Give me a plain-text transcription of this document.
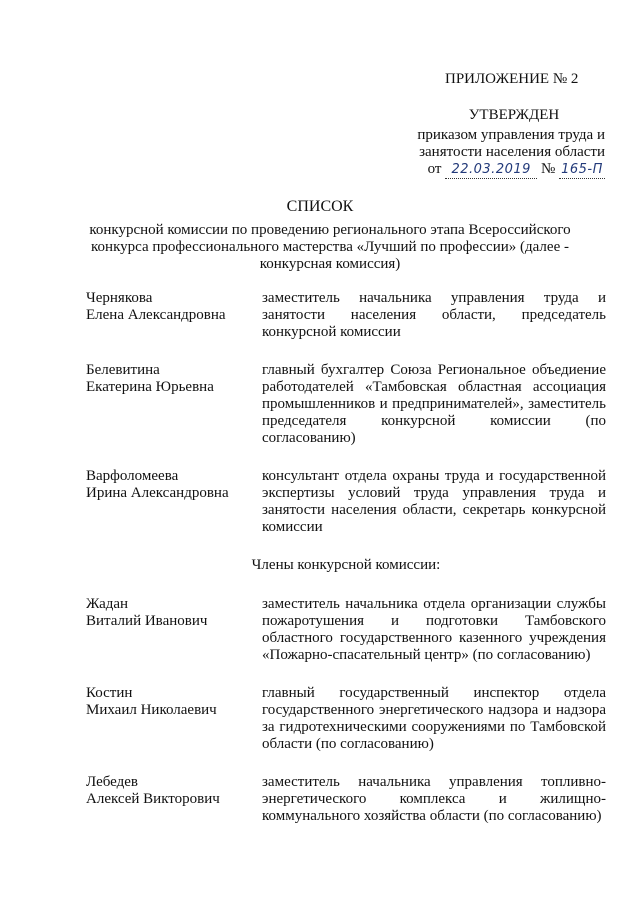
ПРИЛОЖЕНИЕ № 2
УТВЕРЖДЕН
приказом управления труда и
занятости населения области
от 22.03.2019 № 165-П
СПИСОК
конкурсной комиссии по проведению регионального этапа Всероссийского конкурса профессионального мастерства «Лучший по профессии» (далее - конкурсная комиссия)
Чернякова
Елена Александровна
заместитель начальника управления труда и занятости населения области, председатель конкурсной комиссии
Белевитина
Екатерина Юрьевна
главный бухгалтер Союза Региональное объедиение работодателей «Тамбовская областная ассоциация промышленников и предпринимателей», заместитель председателя конкурсной комиссии (по согласованию)
Варфоломеева
Ирина Александровна
консультант отдела охраны труда и государственной экспертизы условий труда управления труда и занятости населения области, секретарь конкурсной комиссии
Члены конкурсной комиссии:
Жадан
Виталий Иванович
заместитель начальника отдела организации службы пожаротушения и подготовки Тамбовского областного государственного казенного учреждения «Пожарно-спасательный центр» (по согласованию)
Костин
Михаил Николаевич
главный государственный инспектор отдела государственного энергетического надзора и надзора за гидротехническими сооружениями по Тамбовской области (по согласованию)
Лебедев
Алексей Викторович
заместитель начальника управления топливно-энергетического комплекса и жилищно-коммунального хозяйства области (по согласованию)
